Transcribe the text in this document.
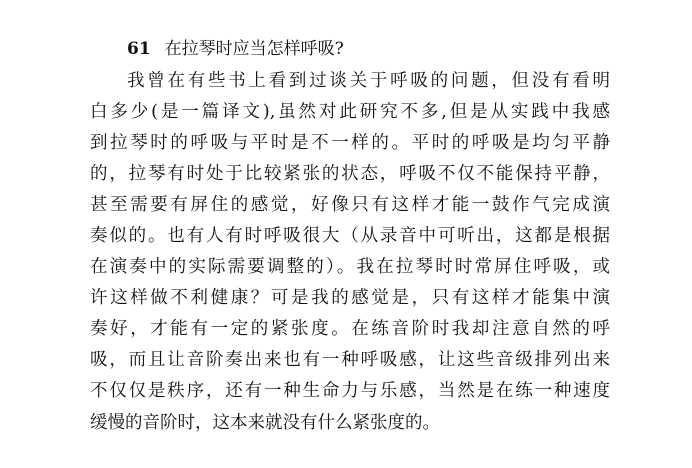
61 在拉琴时应当怎样呼吸?
我曾在有些书上看到过谈关于呼吸的问题，但没有看明
白多少(是一篇译文),虽然对此研究不多,但是从实践中我感
到拉琴时的呼吸与平时是不一样的。平时的呼吸是均匀平静
的，拉琴有时处于比较紧张的状态，呼吸不仅不能保持平静，
甚至需要有屏住的感觉，好像只有这样才能一鼓作气完成演
奏似的。也有人有时呼吸很大（从录音中可听出，这都是根据
在演奏中的实际需要调整的）。我在拉琴时时常屏住呼吸，或
许这样做不利健康？可是我的感觉是，只有这样才能集中演
奏好，才能有一定的紧张度。在练音阶时我却注意自然的呼
吸，而且让音阶奏出来也有一种呼吸感，让这些音级排列出来
不仅仅是秩序，还有一种生命力与乐感，当然是在练一种速度
缓慢的音阶时，这本来就没有什么紧张度的。
